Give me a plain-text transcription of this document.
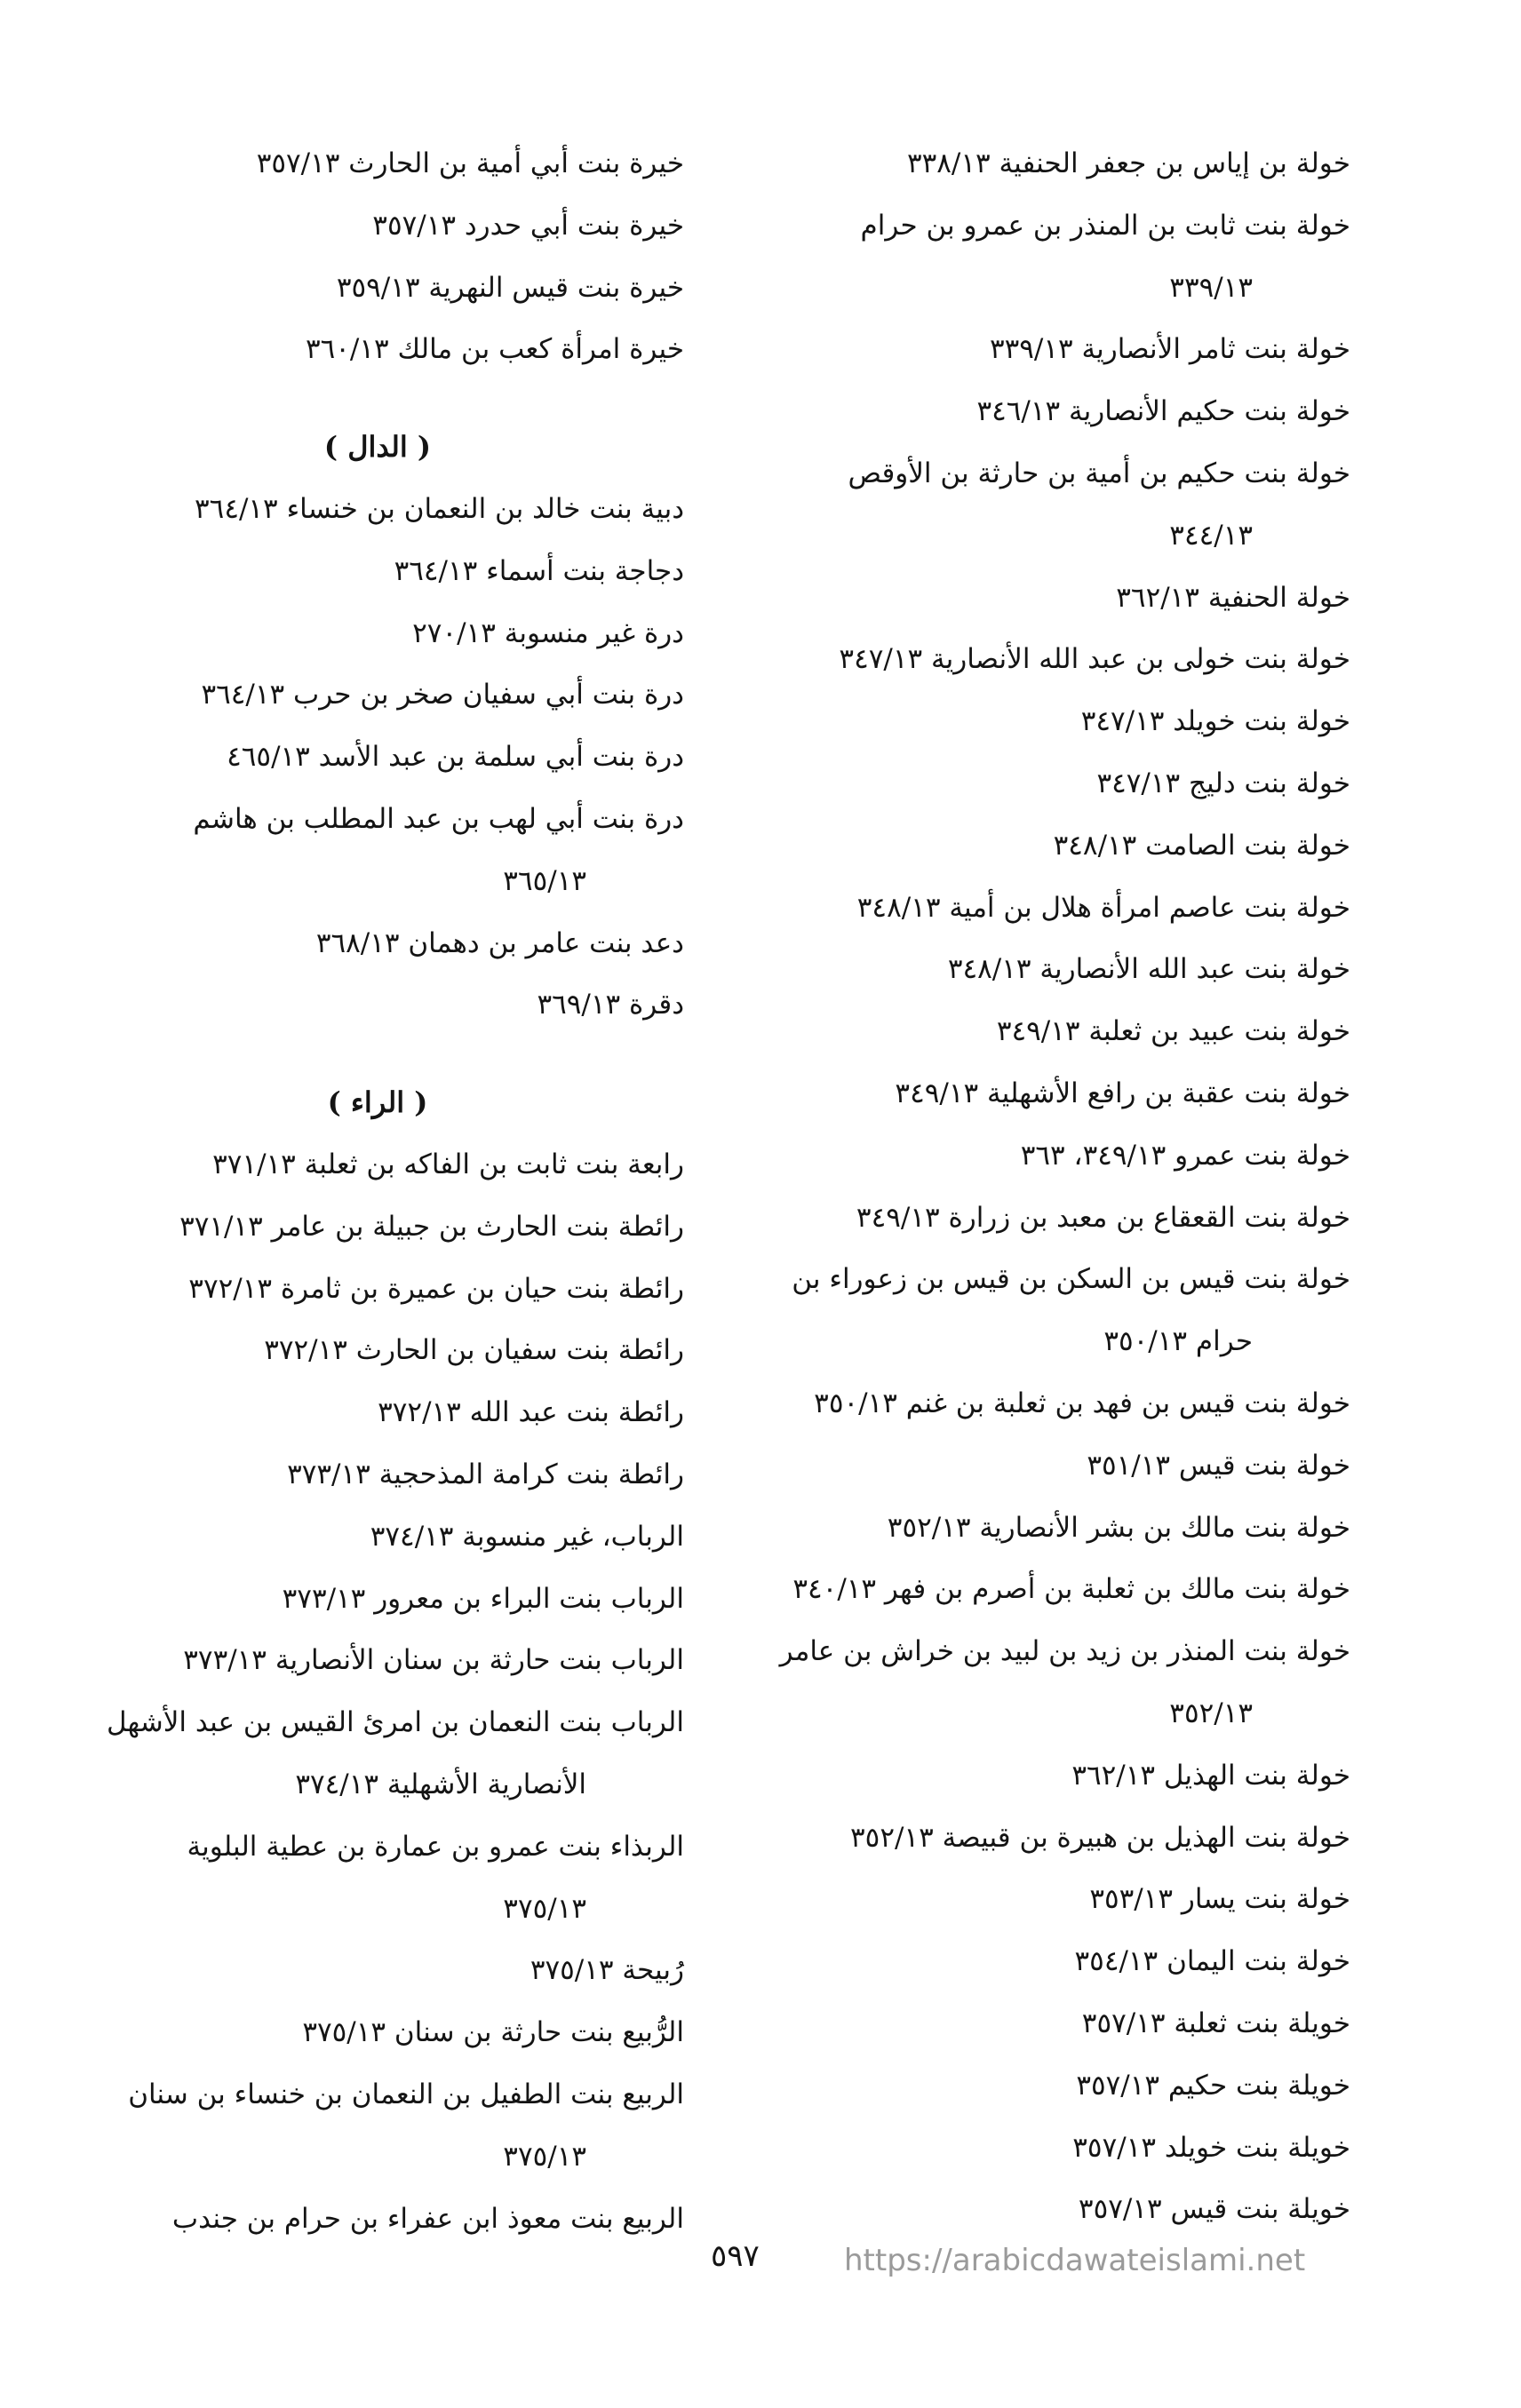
خولة بن إياس بن جعفر الحنفية ٣٣٨/١٣

خولة بنت ثابت بن المنذر بن عمرو بن حرام
٣٣٩/١٣

خولة بنت ثامر الأنصارية ٣٣٩/١٣

خولة بنت حكيم الأنصارية ٣٤٦/١٣

خولة بنت حكيم بن أمية بن حارثة بن الأوقص
٣٤٤/١٣

خولة الحنفية ٣٦٢/١٣

خولة بنت خولى بن عبد الله الأنصارية ٣٤٧/١٣

خولة بنت خويلد ٣٤٧/١٣

خولة بنت دليج ٣٤٧/١٣

خولة بنت الصامت ٣٤٨/١٣

خولة بنت عاصم امرأة هلال بن أمية ٣٤٨/١٣

خولة بنت عبد الله الأنصارية ٣٤٨/١٣

خولة بنت عبيد بن ثعلبة ٣٤٩/١٣

خولة بنت عقبة بن رافع الأشهلية ٣٤٩/١٣

خولة بنت عمرو ٣٤٩/١٣، ٣٦٣

خولة بنت القعقاع بن معبد بن زرارة ٣٤٩/١٣

خولة بنت قيس بن السكن بن قيس بن زعوراء بن
حرام ٣٥٠/١٣

خولة بنت قيس بن فهد بن ثعلبة بن غنم ٣٥٠/١٣

خولة بنت قيس ٣٥١/١٣

خولة بنت مالك بن بشر الأنصارية ٣٥٢/١٣

خولة بنت مالك بن ثعلبة بن أصرم بن فهر ٣٤٠/١٣

خولة بنت المنذر بن زيد بن لبيد بن خراش بن عامر
٣٥٢/١٣

خولة بنت الهذيل ٣٦٢/١٣

خولة بنت الهذيل بن هبيرة بن قبيصة ٣٥٢/١٣

خولة بنت يسار ٣٥٣/١٣

خولة بنت اليمان ٣٥٤/١٣

خويلة بنت ثعلبة ٣٥٧/١٣

خويلة بنت حكيم ٣٥٧/١٣

خويلة بنت خويلد ٣٥٧/١٣

خويلة بنت قيس ٣٥٧/١٣

خيرة بنت أبي أمية بن الحارث ٣٥٧/١٣

خيرة بنت أبي حدرد ٣٥٧/١٣

خيرة بنت قيس النهرية ٣٥٩/١٣

خيرة امرأة كعب بن مالك ٣٦٠/١٣

( الدال )

دبية بنت خالد بن النعمان بن خنساء ٣٦٤/١٣

دجاجة بنت أسماء ٣٦٤/١٣

درة غير منسوبة ٢٧٠/١٣

درة بنت أبي سفيان صخر بن حرب ٣٦٤/١٣

درة بنت أبي سلمة بن عبد الأسد ٤٦٥/١٣

درة بنت أبي لهب بن عبد المطلب بن هاشم
٣٦٥/١٣

دعد بنت عامر بن دهمان ٣٦٨/١٣

دقرة ٣٦٩/١٣

( الراء )

رابعة بنت ثابت بن الفاكه بن ثعلبة ٣٧١/١٣

رائطة بنت الحارث بن جبيلة بن عامر ٣٧١/١٣

رائطة بنت حيان بن عميرة بن ثامرة ٣٧٢/١٣

رائطة بنت سفيان بن الحارث ٣٧٢/١٣

رائطة بنت عبد الله ٣٧٢/١٣

رائطة بنت كرامة المذحجية ٣٧٣/١٣

الرباب، غير منسوبة ٣٧٤/١٣

الرباب بنت البراء بن معرور ٣٧٣/١٣

الرباب بنت حارثة بن سنان الأنصارية ٣٧٣/١٣

الرباب بنت النعمان بن امرئ القيس بن عبد الأشهل
الأنصارية الأشهلية ٣٧٤/١٣

الربذاء بنت عمرو بن عمارة بن عطية البلوية
٣٧٥/١٣

رُبيحة ٣٧٥/١٣

الرُّبيع بنت حارثة بن سنان ٣٧٥/١٣

الربيع بنت الطفيل بن النعمان بن خنساء بن سنان
٣٧٥/١٣

الربيع بنت معوذ ابن عفراء بن حرام بن جندب

٥٩٧	https://arabicdawateislami.net
